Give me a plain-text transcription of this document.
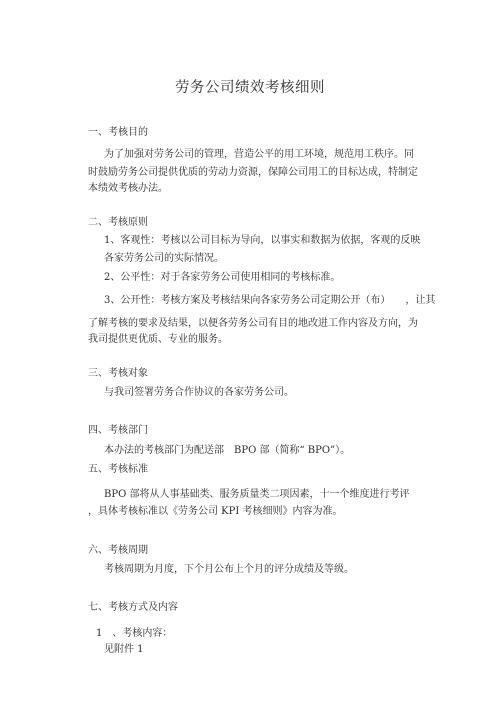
劳务公司绩效考核细则
一、考核目的
为了加强对劳务公司的管理，营造公平的用工环境，规范用工秩序。同
时鼓励劳务公司提供优质的劳动力资源，保障公司用工的目标达成，特制定
本绩效考核办法。
二、考核原则
1、客观性：考核以公司目标为导向，以事实和数据为依据，客观的反映
各家劳务公司的实际情况。
2、公平性：对于各家劳务公司使用相同的考核标准。
3、公开性：考核方案及考核结果向各家劳务公司定期公开（布）　　，让其
了解考核的要求及结果，以便各劳务公司有目的地改进工作内容及方向，为
我司提供更优质、专业的服务。
三、考核对象
与我司签署劳务合作协议的各家劳务公司。
四、考核部门
本办法的考核部门为配送部　BPO 部（简称“ BPO”）。
五、考核标准
BPO 部将从人事基础类、服务质量类二项因素，十一个维度进行考评
，具体考核标准以《劳务公司 KPI 考核细则》内容为准。
六、考核周期
考核周期为月度，下个月公布上个月的评分成绩及等级。
七、考核方式及内容
1　、考核内容：
见附件 1
